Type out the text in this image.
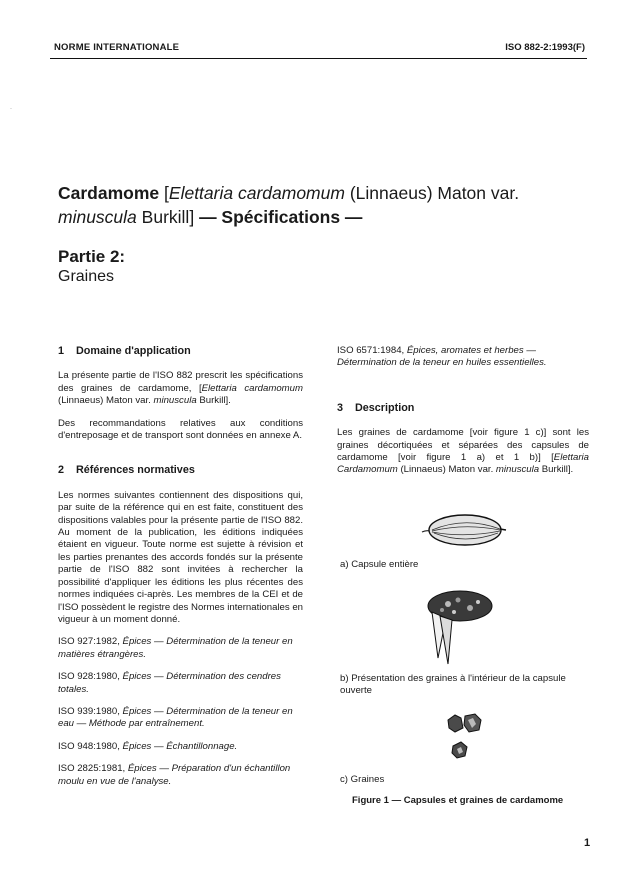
NORME INTERNATIONALE	ISO 882-2:1993(F)
·
Cardamome [Elettaria cardamomum (Linnaeus) Maton var.
minuscula Burkill] — Spécifications —
Partie 2:
Graines
1 Domaine d'application

La présente partie de l'ISO 882 prescrit les spécifications des graines de cardamome, [Elettaria cardamomum (Linnaeus) Maton var. minuscula Burkill].

Des recommandations relatives aux conditions d'entreposage et de transport sont données en annexe A.

2 Références normatives

Les normes suivantes contiennent des dispositions qui, par suite de la référence qui en est faite, constituent des dispositions valables pour la présente partie de l'ISO 882. Au moment de la publication, les éditions indiquées étaient en vigueur. Toute norme est sujette à révision et les parties prenantes des accords fondés sur la présente partie de l'ISO 882 sont invitées à rechercher la possibilité d'appliquer les éditions les plus récentes des normes indiquées ci-après. Les membres de la CEI et de l'ISO possèdent le registre des Normes internationales en vigueur à un moment donné.

ISO 927:1982, Épices — Détermination de la teneur en matières étrangères.

ISO 928:1980, Épices — Détermination des cendres totales.

ISO 939:1980, Épices — Détermination de la teneur en eau — Méthode par entraînement.

ISO 948:1980, Épices — Échantillonnage.

ISO 2825:1981, Épices — Préparation d'un échantillon moulu en vue de l'analyse.

ISO 6571:1984, Épices, aromates et herbes — Détermination de la teneur en huiles essentielles.

3 Description

Les graines de cardamome [voir figure 1 c)] sont les graines décortiquées et séparées des capsules de cardamome [voir figure 1 a) et 1 b)] [Elettaria Cardamomum (Linnaeus) Maton var. minuscula Burkill].

a) Capsule entière
b) Présentation des graines à l'intérieur de la capsule ouverte
c) Graines
Figure 1 — Capsules et graines de cardamome
1
